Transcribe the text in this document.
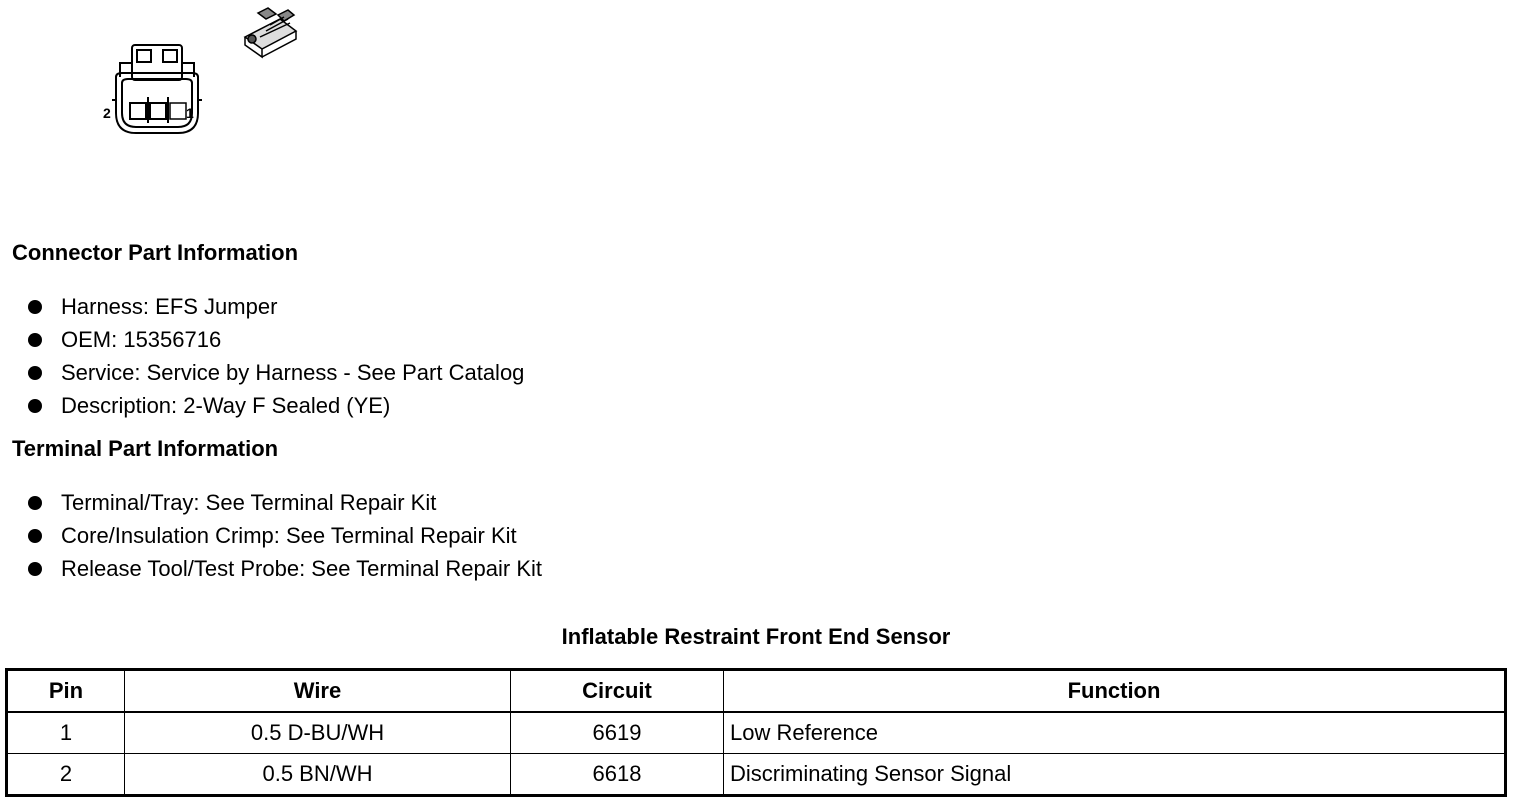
2	1
Connector Part Information
Harness: EFS Jumper
OEM: 15356716
Service: Service by Harness - See Part Catalog
Description: 2-Way F Sealed (YE)
Terminal Part Information
Terminal/Tray: See Terminal Repair Kit
Core/Insulation Crimp: See Terminal Repair Kit
Release Tool/Test Probe: See Terminal Repair Kit
Inflatable Restraint Front End Sensor
Pin	Wire	Circuit	Function
1	0.5 D-BU/WH	6619	Low Reference
2	0.5 BN/WH	6618	Discriminating Sensor Signal
